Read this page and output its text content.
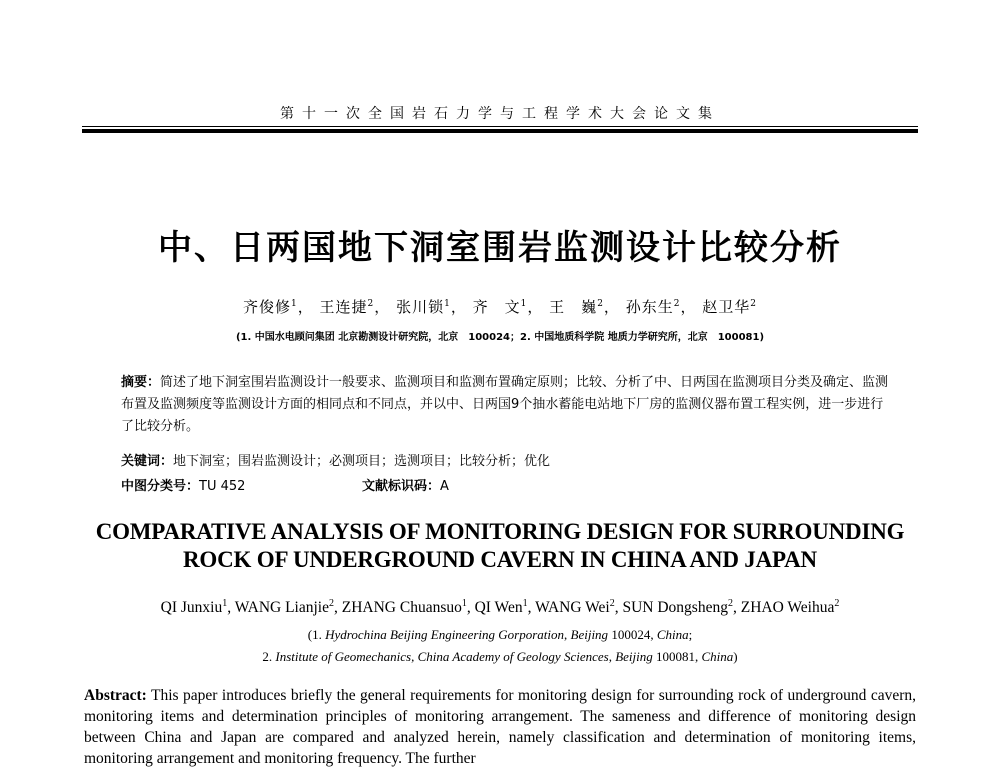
第十一次全国岩石力学与工程学术大会论文集
中、日两国地下洞室围岩监测设计比较分析
齐俊修$^1$， 王连捷$^2$， 张川锁$^1$， 齐　文$^1$， 王　巍$^2$， 孙东生$^2$， 赵卫华$^2$
(1. 中国水电顾问集团 北京勘测设计研究院，北京　100024；2. 中国地质科学院 地质力学研究所，北京　100081)
摘要：简述了地下洞室围岩监测设计一般要求、监测项目和监测布置确定原则；比较、分析了中、日两国在监测项目分类及确定、监测布置及监测频度等监测设计方面的相同点和不同点，并以中、日两国9个抽水蓄能电站地下厂房的监测仪器布置工程实例，进一步进行了比较分析。
关键词：地下洞室；围岩监测设计；必测项目；选测项目；比较分析；优化
中图分类号：TU 452	文献标识码：A
COMPARATIVE ANALYSIS OF MONITORING DESIGN FOR SURROUNDING
ROCK OF UNDERGROUND CAVERN IN CHINA AND JAPAN
QI Junxiu$^1$, WANG Lianjie$^2$, ZHANG Chuansuo$^1$, QI Wen$^1$, WANG Wei$^2$, SUN Dongsheng$^2$, ZHAO Weihua$^2$
(1. Hydrochina Beijing Engineering Gorporation, Beijing 100024, China;
2. Institute of Geomechanics, China Academy of Geology Sciences, Beijing 100081, China)
Abstract: This paper introduces briefly the general requirements for monitoring design for surrounding rock of underground cavern, monitoring items and determination principles of monitoring arrangement. The sameness and difference of monitoring design between China and Japan are compared and analyzed herein, namely classification and determination of monitoring items, monitoring arrangement and monitoring frequency. The further
